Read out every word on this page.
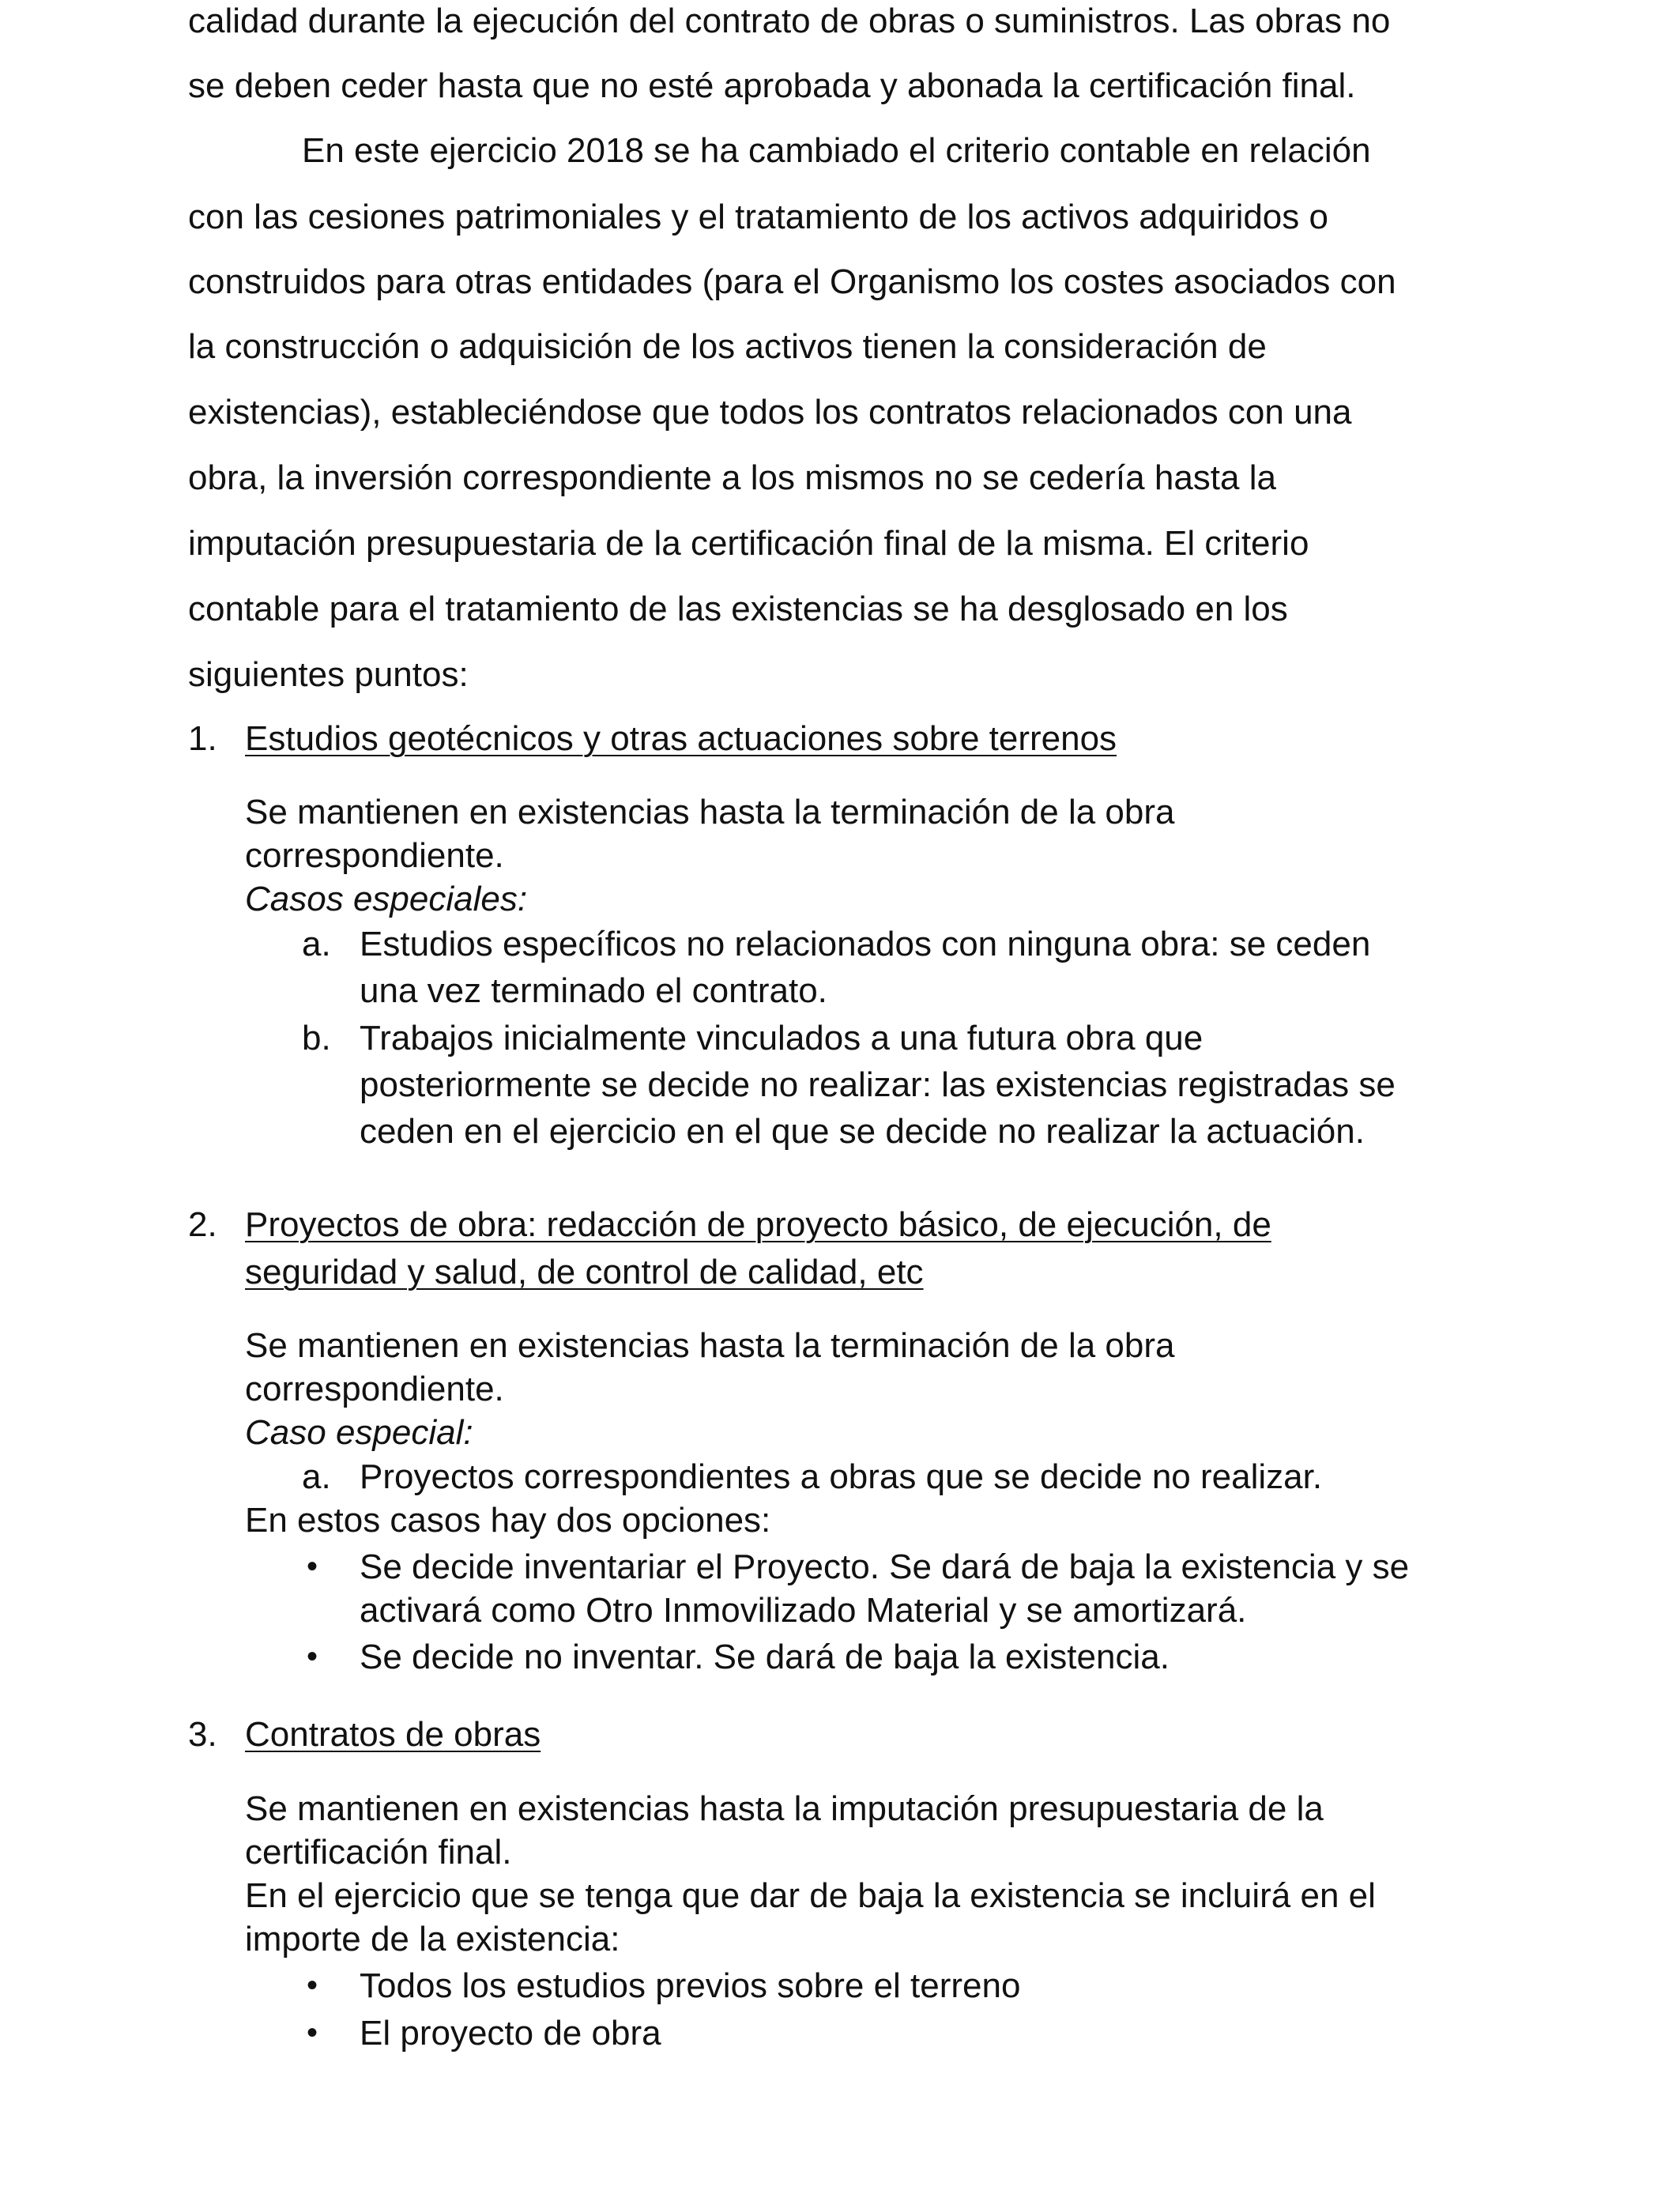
calidad durante la ejecución del contrato de obras o suministros. Las obras no
se deben ceder hasta que no esté aprobada y abonada la certificación final.
En este ejercicio 2018 se ha cambiado el criterio contable en relación
con las cesiones patrimoniales y el tratamiento de los activos adquiridos o
construidos para otras entidades (para el Organismo los costes asociados con
la construcción o adquisición de los activos tienen la consideración de
existencias), estableciéndose que todos los contratos relacionados con una
obra, la inversión correspondiente a los mismos no se cedería hasta la
imputación presupuestaria de la certificación final de la misma. El criterio
contable para el tratamiento de las existencias se ha desglosado en los
siguientes puntos:
1. Estudios geotécnicos y otras actuaciones sobre terrenos
Se mantienen en existencias hasta la terminación de la obra
correspondiente.
Casos especiales:
a. Estudios específicos no relacionados con ninguna obra: se ceden
una vez terminado el contrato.
b. Trabajos inicialmente vinculados a una futura obra que
posteriormente se decide no realizar: las existencias registradas se
ceden en el ejercicio en el que se decide no realizar la actuación.
2. Proyectos de obra: redacción de proyecto básico, de ejecución, de
seguridad y salud, de control de calidad, etc
Se mantienen en existencias hasta la terminación de la obra
correspondiente.
Caso especial:
a. Proyectos correspondientes a obras que se decide no realizar.
En estos casos hay dos opciones:
• Se decide inventariar el Proyecto. Se dará de baja la existencia y se
activará como Otro Inmovilizado Material y se amortizará.
• Se decide no inventar. Se dará de baja la existencia.
3. Contratos de obras
Se mantienen en existencias hasta la imputación presupuestaria de la
certificación final.
En el ejercicio que se tenga que dar de baja la existencia se incluirá en el
importe de la existencia:
• Todos los estudios previos sobre el terreno
• El proyecto de obra
